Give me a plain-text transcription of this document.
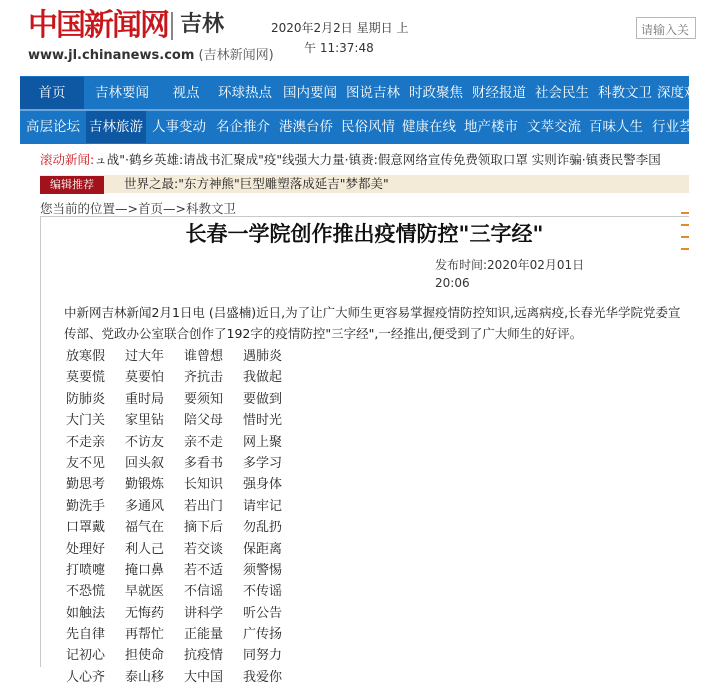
中国新闻网 吉林
www.jl.chinanews.com (吉林新闻网)
2020年2月2日 星期日 上
午 11:37:48
请输入关
首页	吉林要闻	视点	环球热点 国内要闻 图说吉林 时政聚焦 财经报道 社会民生 科教文卫 深度观察
高层论坛 吉林旅游 人事变动 名企推介 港澳台侨 民俗风情 健康在线 地产楼市 文萃交流 百味人生 行业荟萃
滚动新闻:ュ战"·鹤乡英雄:请战书汇聚成"疫"线强大力量·镇赉:假意网络宣传免费领取口罩 实则诈骗·镇赉民警李国
编辑推荐 世界之最:"东方神熊"巨型雕塑落成延吉"梦都美"
您当前的位置—>首页—>科教文卫
长春一学院创作推出疫情防控"三字经"
发布时间:2020年02月01日
20:06

中新网吉林新闻2月1日电 (吕盛楠)近日,为了让广大师生更容易掌握疫情防控知识,远离病疫,长春光华学院党委宣传部、党政办公室联合创作了192字的疫情防控"三字经",一经推出,便受到了广大师生的好评。

放寒假 过大年 谁曾想 遇肺炎
莫要慌 莫要怕 齐抗击 我做起
防肺炎 重时局 要须知 要做到
大门关 家里钻 陪父母 惜时光
不走亲 不访友 亲不走 网上聚
友不见 回头叙 多看书 多学习
勤思考 勤锻炼 长知识 强身体
勤洗手 多通风 若出门 请牢记
口罩戴 福气在 摘下后 勿乱扔
处理好 利人己 若交谈 保距离
打喷嚏 掩口鼻 若不适 须警惕
不恐慌 早就医 不信谣 不传谣
如触法 无悔药 讲科学 听公告
先自律 再帮忙 正能量 广传扬
记初心 担使命 抗疫情 同努力
人心齐 泰山移 大中国 我爱你
